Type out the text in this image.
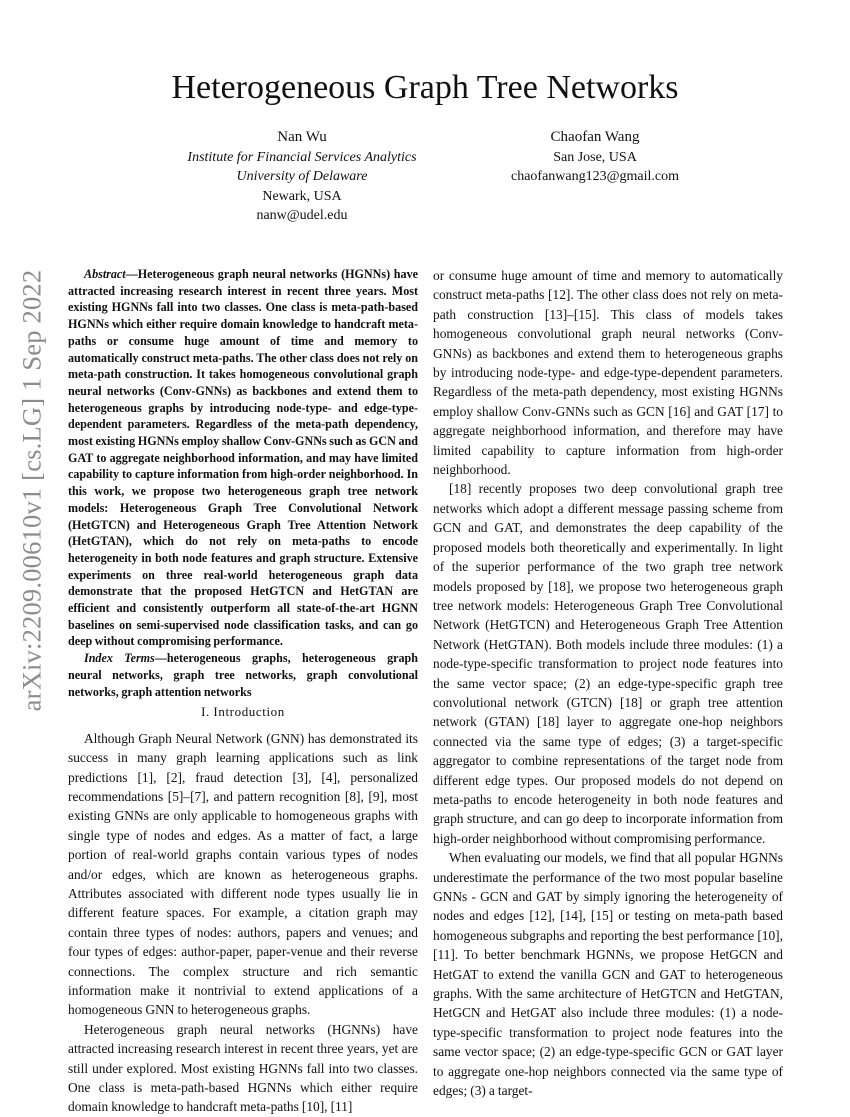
arXiv:2209.00610v1 [cs.LG] 1 Sep 2022
Heterogeneous Graph Tree Networks
Nan Wu
Institute for Financial Services Analytics
University of Delaware
Newark, USA
nanw@udel.edu
Chaofan Wang
San Jose, USA
chaofanwang123@gmail.com

Abstract—Heterogeneous graph neural networks (HGNNs) have attracted increasing research interest in recent three years. Most existing HGNNs fall into two classes. One class is meta-path-based HGNNs which either require domain knowledge to handcraft meta-paths or consume huge amount of time and memory to automatically construct meta-paths. The other class does not rely on meta-path construction. It takes homogeneous convolutional graph neural networks (Conv-GNNs) as backbones and extend them to heterogeneous graphs by introducing node-type- and edge-type-dependent parameters. Regardless of the meta-path dependency, most existing HGNNs employ shallow Conv-GNNs such as GCN and GAT to aggregate neighborhood information, and may have limited capability to capture information from high-order neighborhood. In this work, we propose two heterogeneous graph tree network models: Heterogeneous Graph Tree Convolutional Network (HetGTCN) and Heterogeneous Graph Tree Attention Network (HetGTAN), which do not rely on meta-paths to encode heterogeneity in both node features and graph structure. Extensive experiments on three real-world heterogeneous graph data demonstrate that the proposed HetGTCN and HetGTAN are efficient and consistently outperform all state-of-the-art HGNN baselines on semi-supervised node classification tasks, and can go deep without compromising performance.

Index Terms—heterogeneous graphs, heterogeneous graph neural networks, graph tree networks, graph convolutional networks, graph attention networks

I. Introduction

Although Graph Neural Network (GNN) has demonstrated its success in many graph learning applications such as link predictions [1], [2], fraud detection [3], [4], personalized recommendations [5]–[7], and pattern recognition [8], [9], most existing GNNs are only applicable to homogeneous graphs with single type of nodes and edges. As a matter of fact, a large portion of real-world graphs contain various types of nodes and/or edges, which are known as heterogeneous graphs. Attributes associated with different node types usually lie in different feature spaces. For example, a citation graph may contain three types of nodes: authors, papers and venues; and four types of edges: author-paper, paper-venue and their reverse connections. The complex structure and rich semantic information make it nontrivial to extend applications of a homogeneous GNN to heterogeneous graphs.

Heterogeneous graph neural networks (HGNNs) have attracted increasing research interest in recent three years, yet are still under explored. Most existing HGNNs fall into two classes. One class is meta-path-based HGNNs which either require domain knowledge to handcraft meta-paths [10], [11]

or consume huge amount of time and memory to automatically construct meta-paths [12]. The other class does not rely on meta-path construction [13]–[15]. This class of models takes homogeneous convolutional graph neural networks (Conv-GNNs) as backbones and extend them to heterogeneous graphs by introducing node-type- and edge-type-dependent parameters. Regardless of the meta-path dependency, most existing HGNNs employ shallow Conv-GNNs such as GCN [16] and GAT [17] to aggregate neighborhood information, and therefore may have limited capability to capture information from high-order neighborhood.

[18] recently proposes two deep convolutional graph tree networks which adopt a different message passing scheme from GCN and GAT, and demonstrates the deep capability of the proposed models both theoretically and experimentally. In light of the superior performance of the two graph tree network models proposed by [18], we propose two heterogeneous graph tree network models: Heterogeneous Graph Tree Convolutional Network (HetGTCN) and Heterogeneous Graph Tree Attention Network (HetGTAN). Both models include three modules: (1) a node-type-specific transformation to project node features into the same vector space; (2) an edge-type-specific graph tree convolutional network (GTCN) [18] or graph tree attention network (GTAN) [18] layer to aggregate one-hop neighbors connected via the same type of edges; (3) a target-specific aggregator to combine representations of the target node from different edge types. Our proposed models do not depend on meta-paths to encode heterogeneity in both node features and graph structure, and can go deep to incorporate information from high-order neighborhood without compromising performance.

When evaluating our models, we find that all popular HGNNs underestimate the performance of the two most popular baseline GNNs - GCN and GAT by simply ignoring the heterogeneity of nodes and edges [12], [14], [15] or testing on meta-path based homogeneous subgraphs and reporting the best performance [10], [11]. To better benchmark HGNNs, we propose HetGCN and HetGAT to extend the vanilla GCN and GAT to heterogeneous graphs. With the same architecture of HetGTCN and HetGTAN, HetGCN and HetGAT also include three modules: (1) a node-type-specific transformation to project node features into the same vector space; (2) an edge-type-specific GCN or GAT layer to aggregate one-hop neighbors connected via the same type of edges; (3) a target-
